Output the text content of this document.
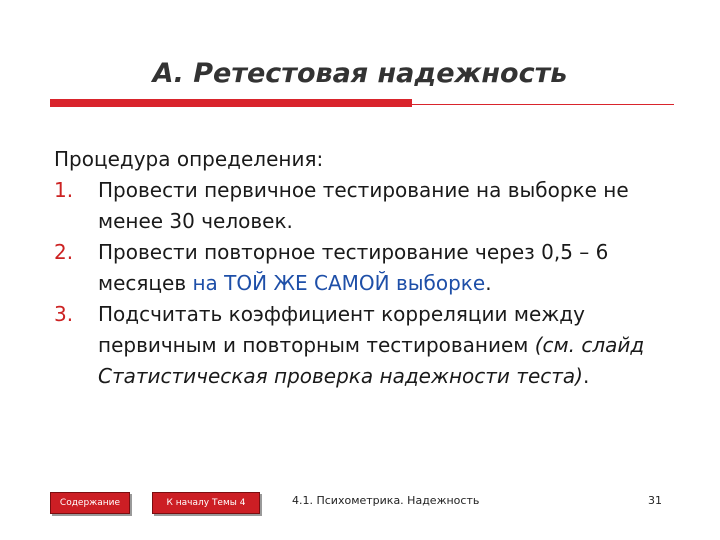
А. Ретестовая надежность

Процедура определения:

1. Провести первичное тестирование на выборке не менее 30 человек.
2. Провести повторное тестирование через 0,5 – 6 месяцев на ТОЙ ЖЕ САМОЙ выборке.
3. Подсчитать коэффициент корреляции между первичным и повторным тестированием (см. слайд Статистическая проверка надежности теста).
Содержание	К началу Темы 4	4.1. Психометрика. Надежность	31
